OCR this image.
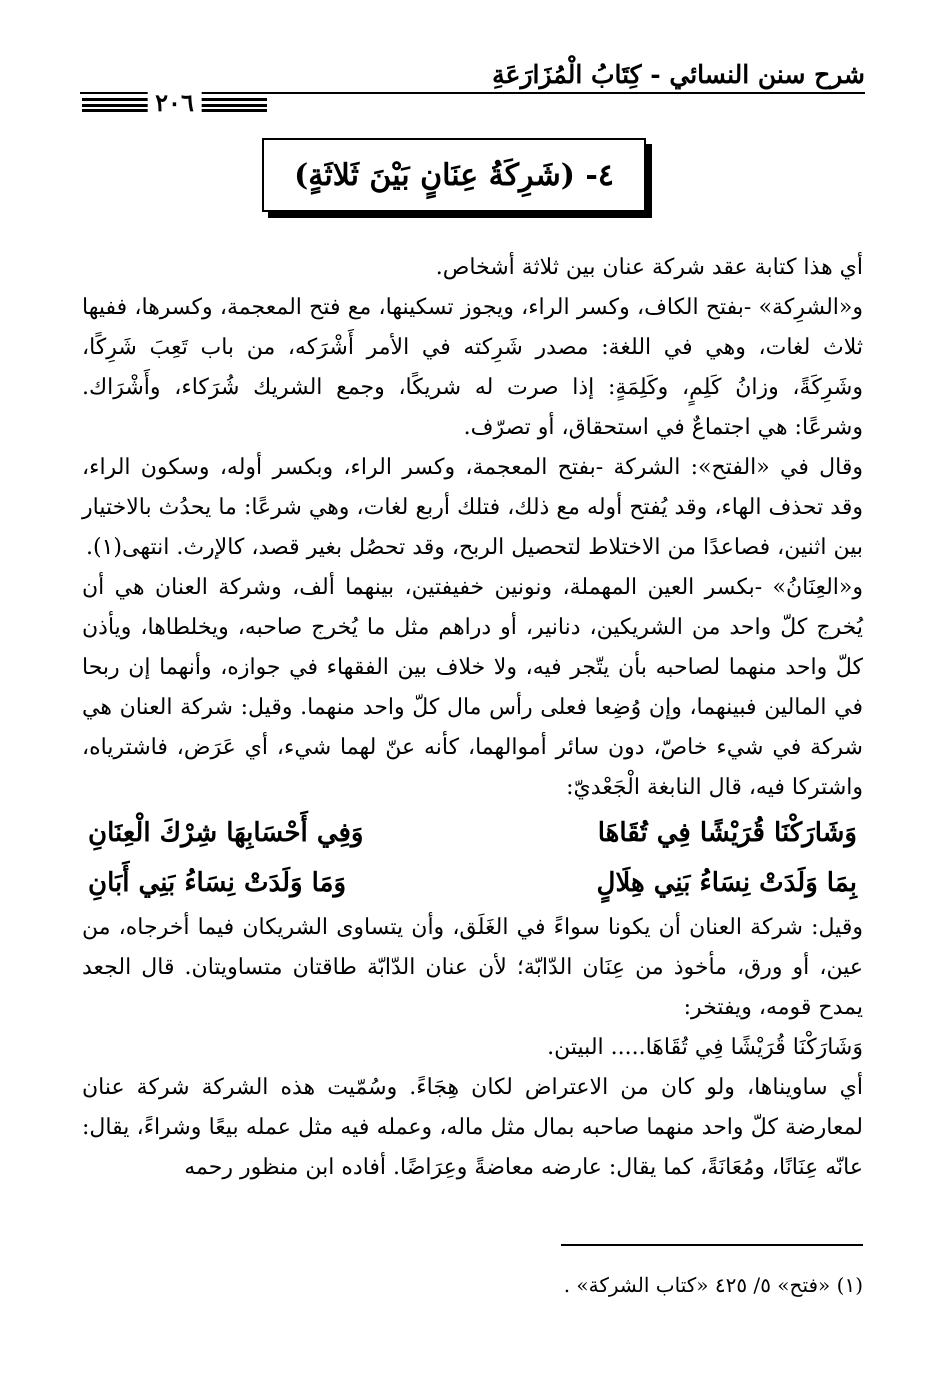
شرح سنن النسائي - كِتَابُ الْمُزَارَعَةِ
٢٠٦
٤- (شَرِكَةُ عِنَانٍ بَيْنَ ثَلاثَةٍ)

أي هذا كتابة عقد شركة عنان بين ثلاثة أشخاص.

و«الشرِكة» -بفتح الكاف، وكسر الراء، ويجوز تسكينها، مع فتح المعجمة، وكسرها، ففيها ثلاث لغات، وهي في اللغة: مصدر شَرِكته في الأمر أَشْرَكه، من باب تَعِبَ شَرِكًا، وشَرِكَةً، وزانُ كَلِمٍ، وكَلِمَةٍ: إذا صرت له شريكًا، وجمع الشريك شُرَكاء، وأَشْرَاك. وشرعًا: هي اجتماعٌ في استحقاق، أو تصرّف.

وقال في «الفتح»: الشركة -بفتح المعجمة، وكسر الراء، وبكسر أوله، وسكون الراء، وقد تحذف الهاء، وقد يُفتح أوله مع ذلك، فتلك أربع لغات، وهي شرعًا: ما يحدُث بالاختيار بين اثنين، فصاعدًا من الاختلاط لتحصيل الربح، وقد تحصُل بغير قصد، كالإرث. انتهى(١).

و«العِنَانُ» -بكسر العين المهملة، ونونين خفيفتين، بينهما ألف، وشركة العنان هي أن يُخرج كلّ واحد من الشريكين، دنانير، أو دراهم مثل ما يُخرج صاحبه، ويخلطاها، ويأذن كلّ واحد منهما لصاحبه بأن يتّجر فيه، ولا خلاف بين الفقهاء في جوازه، وأنهما إن ربحا في المالين فبينهما، وإن وُضِعا فعلى رأس مال كلّ واحد منهما. وقيل: شركة العنان هي شركة في شيء خاصّ، دون سائر أموالهما، كأنه عنّ لهما شيء، أي عَرَض، فاشترياه، واشتركا فيه، قال النابغة الْجَعْديّ:

وَشَارَكْنَا قُرَيْشًا فِي تُقَاهَا
وَفِي أَحْسَابِهَا شِرْكَ الْعِنَانِ
بِمَا وَلَدَتْ نِسَاءُ بَنِي هِلَالٍ
وَمَا وَلَدَتْ نِسَاءُ بَنِي أَبَانِ

وقيل: شركة العنان أن يكونا سواءً في الغَلَق، وأن يتساوى الشريكان فيما أخرجاه، من عين، أو ورق، مأخوذ من عِنَان الدّابّة؛ لأن عنان الدّابّة طاقتان متساويتان. قال الجعد يمدح قومه، ويفتخر:

وَشَارَكْنَا قُرَيْشًا فِي تُقَاهَا..... البيتن.

أي ساويناها، ولو كان من الاعتراض لكان هِجَاءً. وسُمّيت هذه الشركة شركة عنان لمعارضة كلّ واحد منهما صاحبه بمال مثل ماله، وعمله فيه مثل عمله بيعًا وشراءً، يقال: عانّه عِنَانًا، ومُعَانَةً، كما يقال: عارضه معاضةً وعِرَاضًا. أفاده ابن منظور رحمه

(١) «فتح» ٥/ ٤٢٥ «كتاب الشركة» .
